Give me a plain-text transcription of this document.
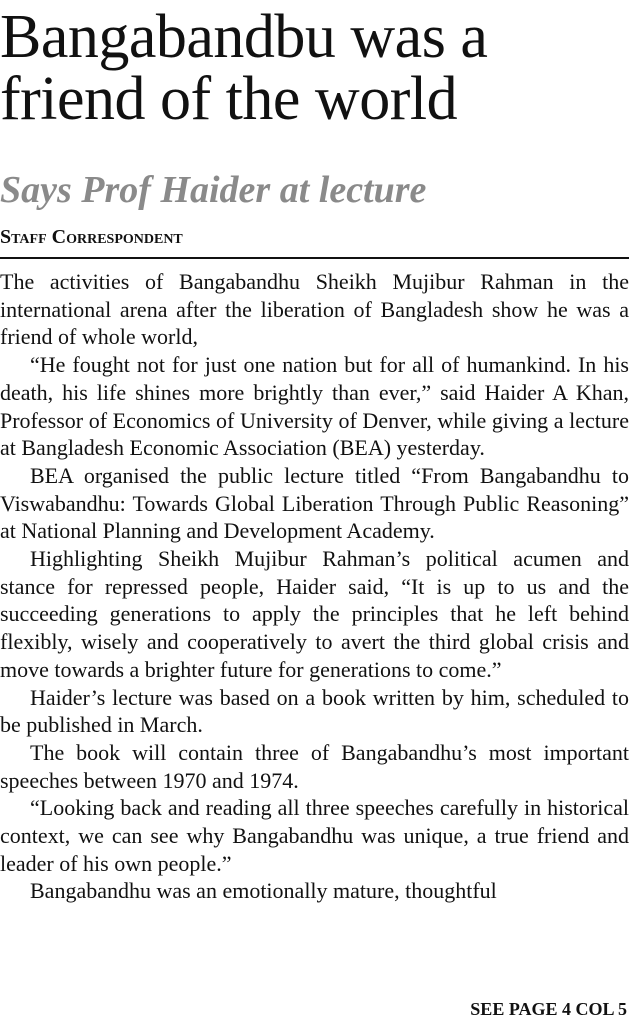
Bangabandbu was a friend of the world
Says Prof Haider at lecture
Staff Correspondent

The activities of Bangabandhu Sheikh Mujibur Rahman in the international arena after the liberation of Bangladesh show he was a friend of whole world,

“He fought not for just one nation but for all of humankind. In his death, his life shines more brightly than ever,” said Haider A Khan, Professor of Economics of University of Denver, while giving a lecture at Bangladesh Economic Association (BEA) yesterday.

BEA organised the public lecture titled “From Bangabandhu to Viswabandhu: Towards Global Liberation Through Public Reasoning” at National Planning and Development Academy.

Highlighting Sheikh Mujibur Rahman’s political acumen and stance for repressed people, Haider said, “It is up to us and the succeeding generations to apply the principles that he left behind flexibly, wisely and cooperatively to avert the third global crisis and move towards a brighter future for generations to come.”

Haider’s lecture was based on a book written by him, scheduled to be published in March.

The book will contain three of Bangabandhu’s most important speeches between 1970 and 1974.

“Looking back and reading all three speeches carefully in historical context, we can see why Bangabandhu was unique, a true friend and leader of his own people.”

Bangabandhu was an emotionally mature, thoughtful

SEE PAGE 4 COL 5
